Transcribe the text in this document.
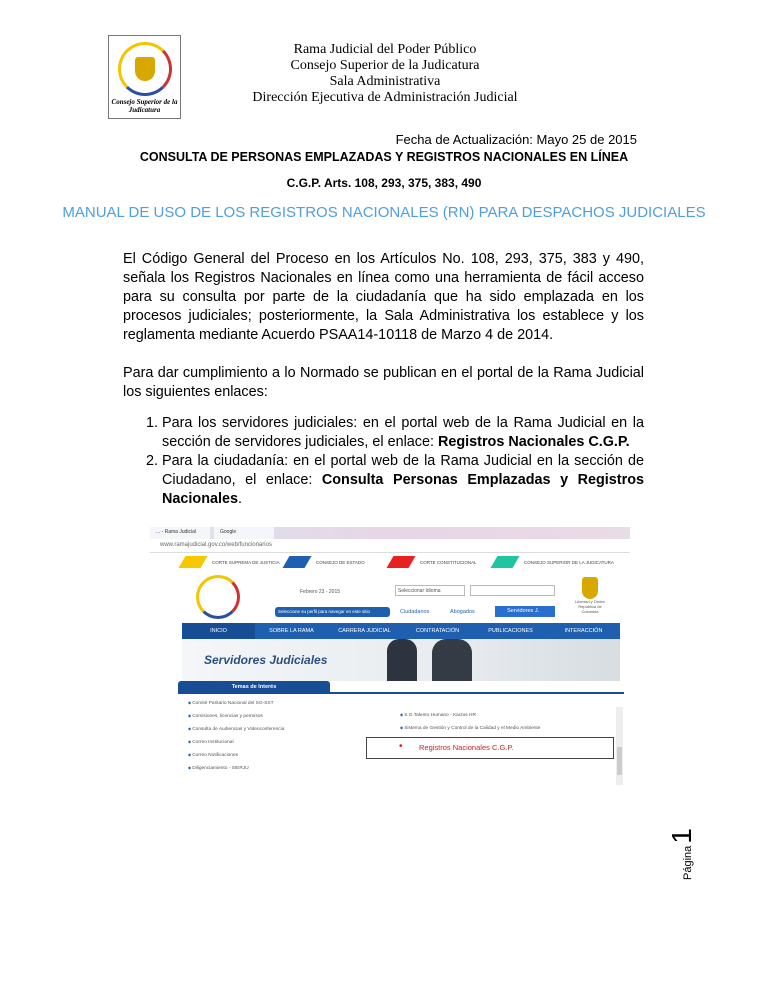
Consejo Superior de la Judicatura
Rama Judicial del Poder Público
Consejo Superior de la Judicatura
Sala Administrativa
Dirección Ejecutiva de Administración Judicial
Fecha de Actualización: Mayo 25 de 2015
CONSULTA DE PERSONAS EMPLAZADAS Y REGISTROS NACIONALES EN LÍNEA
C.G.P. Arts. 108, 293, 375, 383, 490
MANUAL DE USO DE LOS REGISTROS NACIONALES (RN) PARA DESPACHOS JUDICIALES

El Código General del Proceso en los Artículos No. 108, 293, 375, 383 y 490, señala los Registros Nacionales en línea como una herramienta de fácil acceso para su consulta por parte de la ciudadanía que ha sido emplazada en los procesos judiciales; posteriormente, la Sala Administrativa los establece y los reglamenta mediante Acuerdo PSAA14-10118 de Marzo 4 de 2014.

Para dar cumplimiento a lo Normado se publican en el portal de la Rama Judicial los siguientes enlaces:

1. Para los servidores judiciales: en el portal web de la Rama Judicial en la sección de servidores judiciales, el enlace: Registros Nacionales C.G.P.
2. Para la ciudadanía: en el portal web de la Rama Judicial en la sección de Ciudadano, el enlace: Consulta Personas Emplazadas y Registros Nacionales.
... - Rama Judicial	Google
www.ramajudicial.gov.co/web/funcionarios
CORTE SUPREMA DE JUSTICIA	CONSEJO DE ESTADO	CORTE CONSTITUCIONAL	CONSEJO SUPERIOR DE LA JUDICATURA
Febrero 23 - 2015	Seleccionar Idioma
Seleccione su perfil para navegar en este sitio	Ciudadanos	Abogados	Servidores J.
Libertad y Orden República de Colombia
INICIO	SOBRE LA RAMA	CARRERA JUDICIAL	CONTRATACIÓN	PUBLICACIONES	INTERACCIÓN
Servidores Judiciales
Temas de Interés
◆ Comité Paritario Nacional del SG-SST
◆ Comisiones, licencias y permisos
◆ Consulta de Audiencias y Videoconferencia
◆ Correo Institucional
◆ Correo Notificaciones
◆ Diligenciamiento - SIERJU
◆ S.G.Talento Humano - Kactus HR
◆ Sistema de Gestión y Control de la Calidad y el Medio Ambiente
• Registros Nacionales C.G.P.
Página
1
